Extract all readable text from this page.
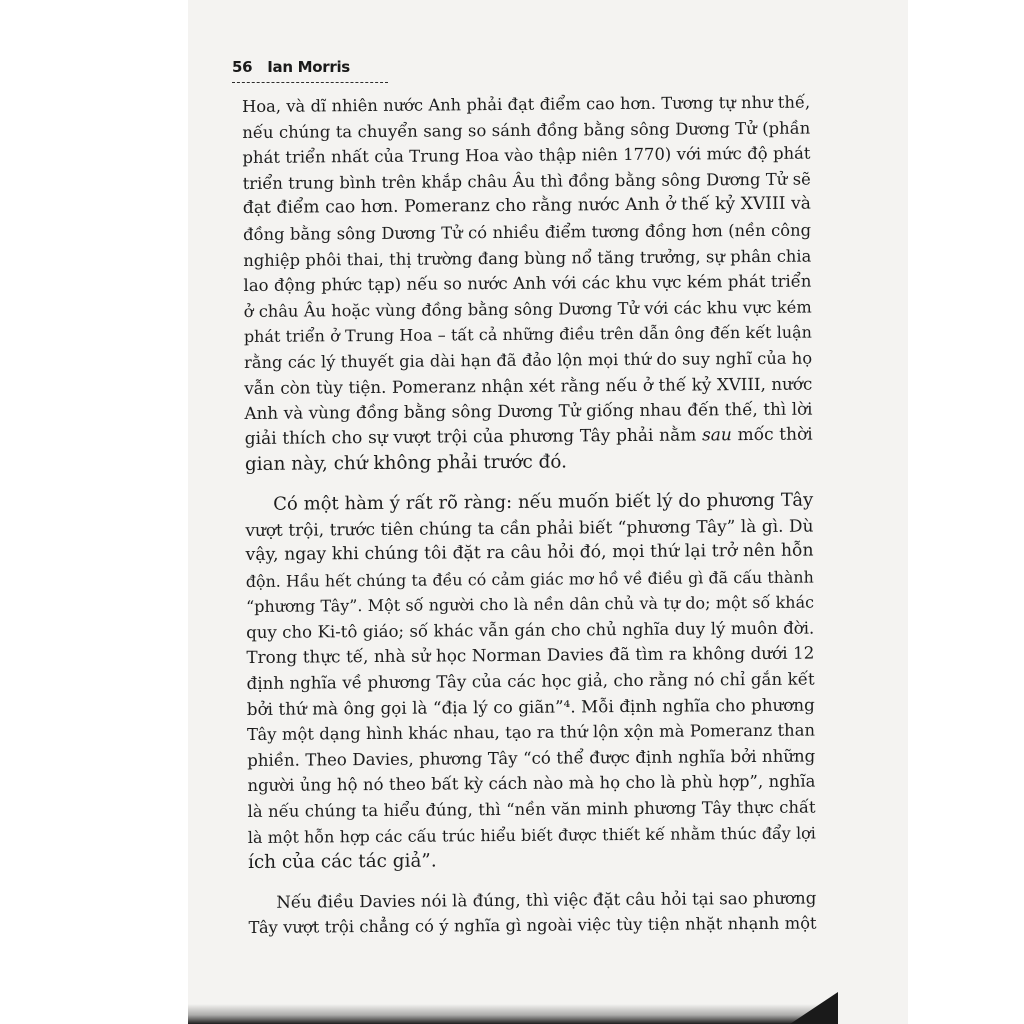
56 Ian Morris
Hoa, và dĩ nhiên nước Anh phải đạt điểm cao hơn. Tương tự như thế,
nếu chúng ta chuyển sang so sánh đồng bằng sông Dương Tử (phần
phát triển nhất của Trung Hoa vào thập niên 1770) với mức độ phát
triển trung bình trên khắp châu Âu thì đồng bằng sông Dương Tử sẽ
đạt điểm cao hơn. Pomeranz cho rằng nước Anh ở thế kỷ XVIII và
đồng bằng sông Dương Tử có nhiều điểm tương đồng hơn (nền công
nghiệp phôi thai, thị trường đang bùng nổ tăng trưởng, sự phân chia
lao động phức tạp) nếu so nước Anh với các khu vực kém phát triển
ở châu Âu hoặc vùng đồng bằng sông Dương Tử với các khu vực kém
phát triển ở Trung Hoa – tất cả những điều trên dẫn ông đến kết luận
rằng các lý thuyết gia dài hạn đã đảo lộn mọi thứ do suy nghĩ của họ
vẫn còn tùy tiện. Pomeranz nhận xét rằng nếu ở thế kỷ XVIII, nước
Anh và vùng đồng bằng sông Dương Tử giống nhau đến thế, thì lời
giải thích cho sự vượt trội của phương Tây phải nằm sau mốc thời
gian này, chứ không phải trước đó.
Có một hàm ý rất rõ ràng: nếu muốn biết lý do phương Tây
vượt trội, trước tiên chúng ta cần phải biết “phương Tây” là gì. Dù
vậy, ngay khi chúng tôi đặt ra câu hỏi đó, mọi thứ lại trở nên hỗn
độn. Hầu hết chúng ta đều có cảm giác mơ hồ về điều gì đã cấu thành
“phương Tây”. Một số người cho là nền dân chủ và tự do; một số khác
quy cho Ki-tô giáo; số khác vẫn gán cho chủ nghĩa duy lý muôn đời.
Trong thực tế, nhà sử học Norman Davies đã tìm ra không dưới 12
định nghĩa về phương Tây của các học giả, cho rằng nó chỉ gắn kết
bởi thứ mà ông gọi là “địa lý co giãn”⁴. Mỗi định nghĩa cho phương
Tây một dạng hình khác nhau, tạo ra thứ lộn xộn mà Pomeranz than
phiền. Theo Davies, phương Tây “có thể được định nghĩa bởi những
người ủng hộ nó theo bất kỳ cách nào mà họ cho là phù hợp”, nghĩa
là nếu chúng ta hiểu đúng, thì “nền văn minh phương Tây thực chất
là một hỗn hợp các cấu trúc hiểu biết được thiết kế nhằm thúc đẩy lợi
ích của các tác giả”.
Nếu điều Davies nói là đúng, thì việc đặt câu hỏi tại sao phương
Tây vượt trội chẳng có ý nghĩa gì ngoài việc tùy tiện nhặt nhạnh một
